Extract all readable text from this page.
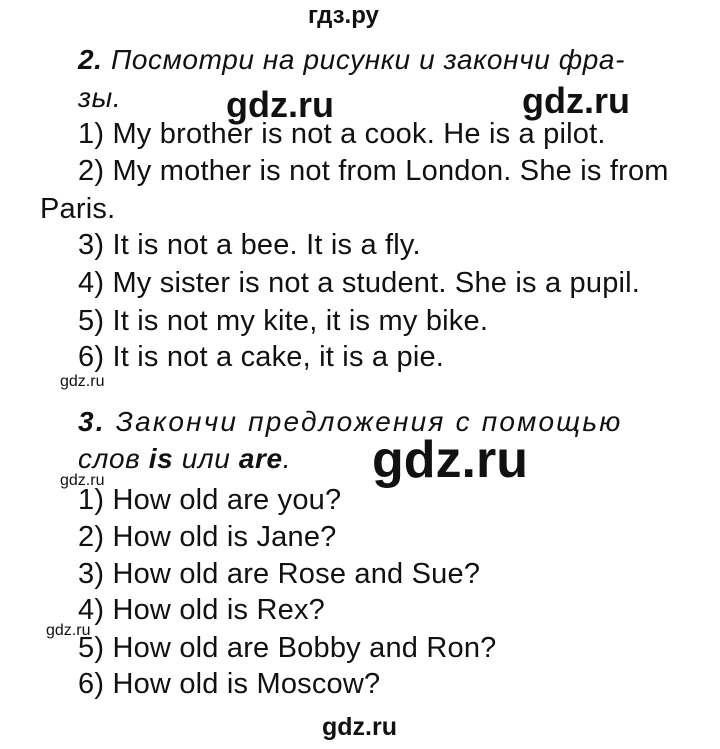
гдз.ру
2. Посмотри на рисунки и закончи фра-
зы.	gdz.ru	gdz.ru
1) My brother is not a cook. He is a pilot.
2) My mother is not from London. She is from
Paris.
3) It is not a bee. It is a fly.
4) My sister is not a student. She is a pupil.
5) It is not my kite, it is my bike.
6) It is not a cake, it is a pie.
gdz.ru
3. Закончи предложения с помощью
слов is или are. gdz.ru
gdz.ru
1) How old are you?
2) How old is Jane?
3) How old are Rose and Sue?
4) How old is Rex?
gdz.ru
5) How old are Bobby and Ron?
6) How old is Moscow?
gdz.ru
